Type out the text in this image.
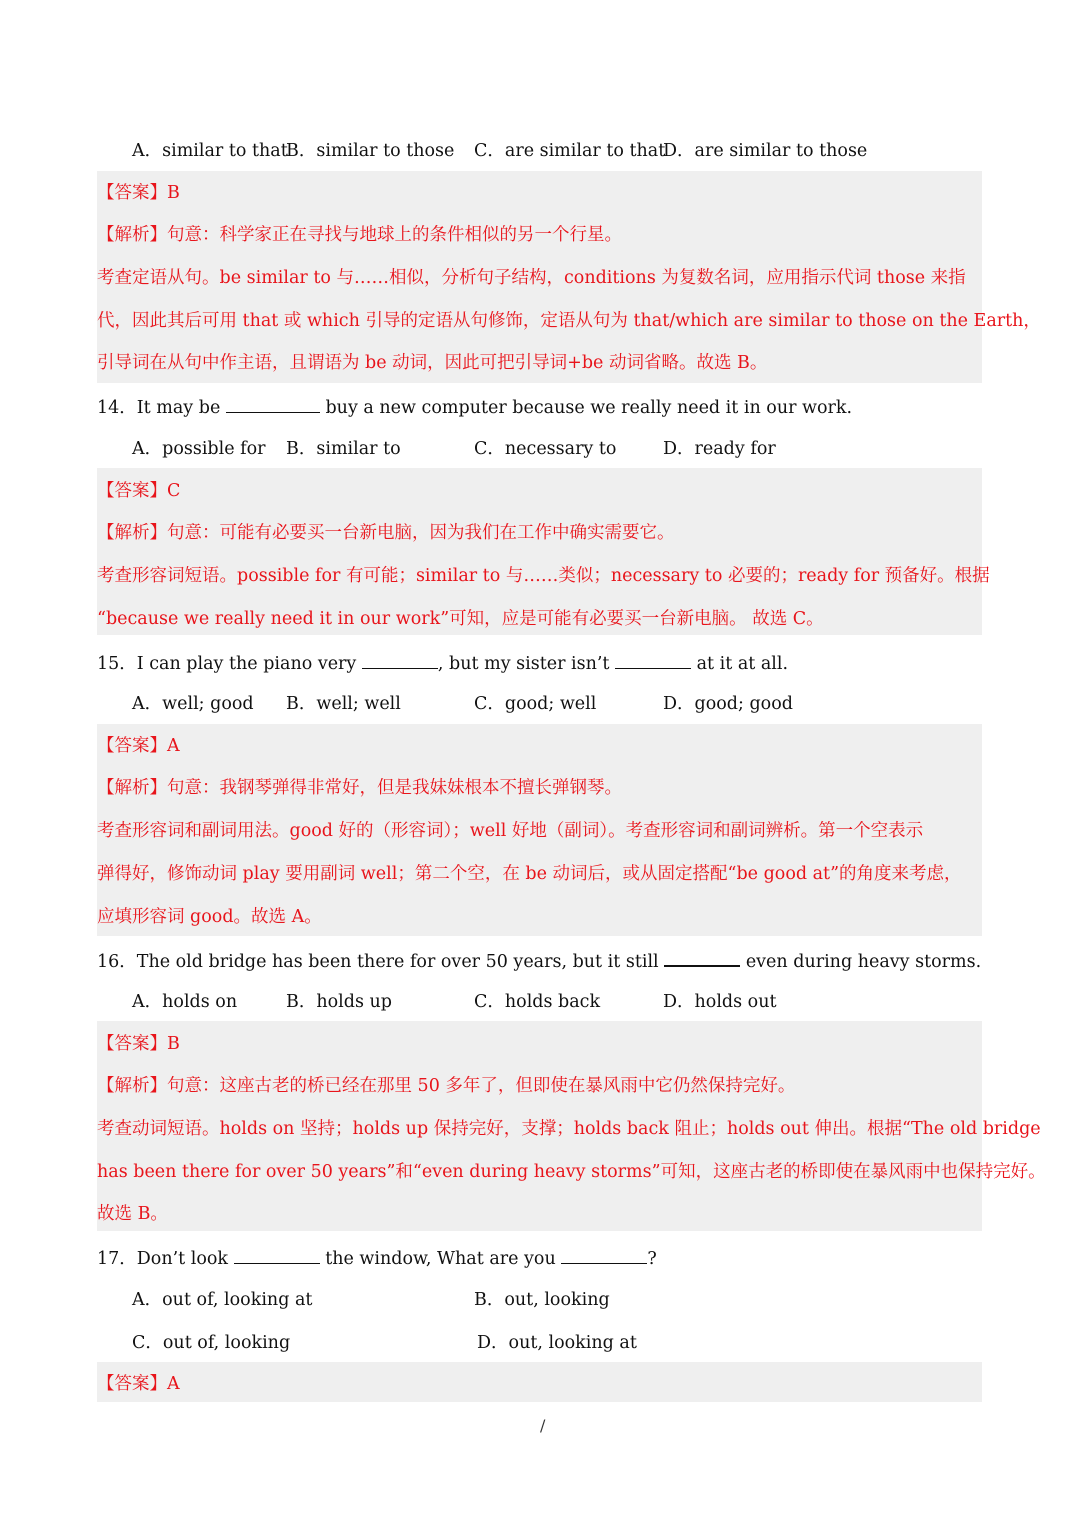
A．similar to that
B．similar to those C．are similar to that
D．are similar to those
【答案】B
【解析】句意：科学家正在寻找与地球上的条件相似的另一个行星。
考查定语从句。be similar to 与……相似，分析句子结构，conditions 为复数名词，应用指示代词 those 来指
代，因此其后可用 that 或 which 引导的定语从句修饰，定语从句为 that/which are similar to those on the Earth，
引导词在从句中作主语，且谓语为 be 动词，因此可把引导词+be 动词省略。故选 B。
14．It may be	buy a new computer because we really need it in our work.
A．possible for B．similar to	C．necessary to	D．ready for
【答案】C
【解析】句意：可能有必要买一台新电脑，因为我们在工作中确实需要它。
考查形容词短语。possible for 有可能；similar to 与……类似；necessary to 必要的；ready for 预备好。根据
“because we really need it in our work”可知，应是可能有必要买一台新电脑。 故选 C。
15．I can play the piano very	, but my sister isn’t	at it at all.
A．well; good B．well; well	C．good; well	D．good; good
【答案】A
【解析】句意：我钢琴弹得非常好，但是我妹妹根本不擅长弹钢琴。
考查形容词和副词用法。good 好的（形容词）；well 好地（副词）。考查形容词和副词辨析。第一个空表示
弹得好，修饰动词 play 要用副词 well；第二个空，在 be 动词后，或从固定搭配“be good at”的角度来考虑，
应填形容词 good。故选 A。
16．The old bridge has been there for over 50 years, but it still	even during heavy storms.
A．holds on	B．holds up	C．holds back	D．holds out
【答案】B
【解析】句意：这座古老的桥已经在那里 50 多年了，但即使在暴风雨中它仍然保持完好。
考查动词短语。holds on 坚持；holds up 保持完好，支撑；holds back 阻止；holds out 伸出。根据“The old bridge
has been there for over 50 years”和“even during heavy storms”可知，这座古老的桥即使在暴风雨中也保持完好。
故选 B。
17．Don’t look	the window, What are you	?
A．out of, looking at	B．out, looking
C．out of, looking	D．out, looking at
【答案】A
/
